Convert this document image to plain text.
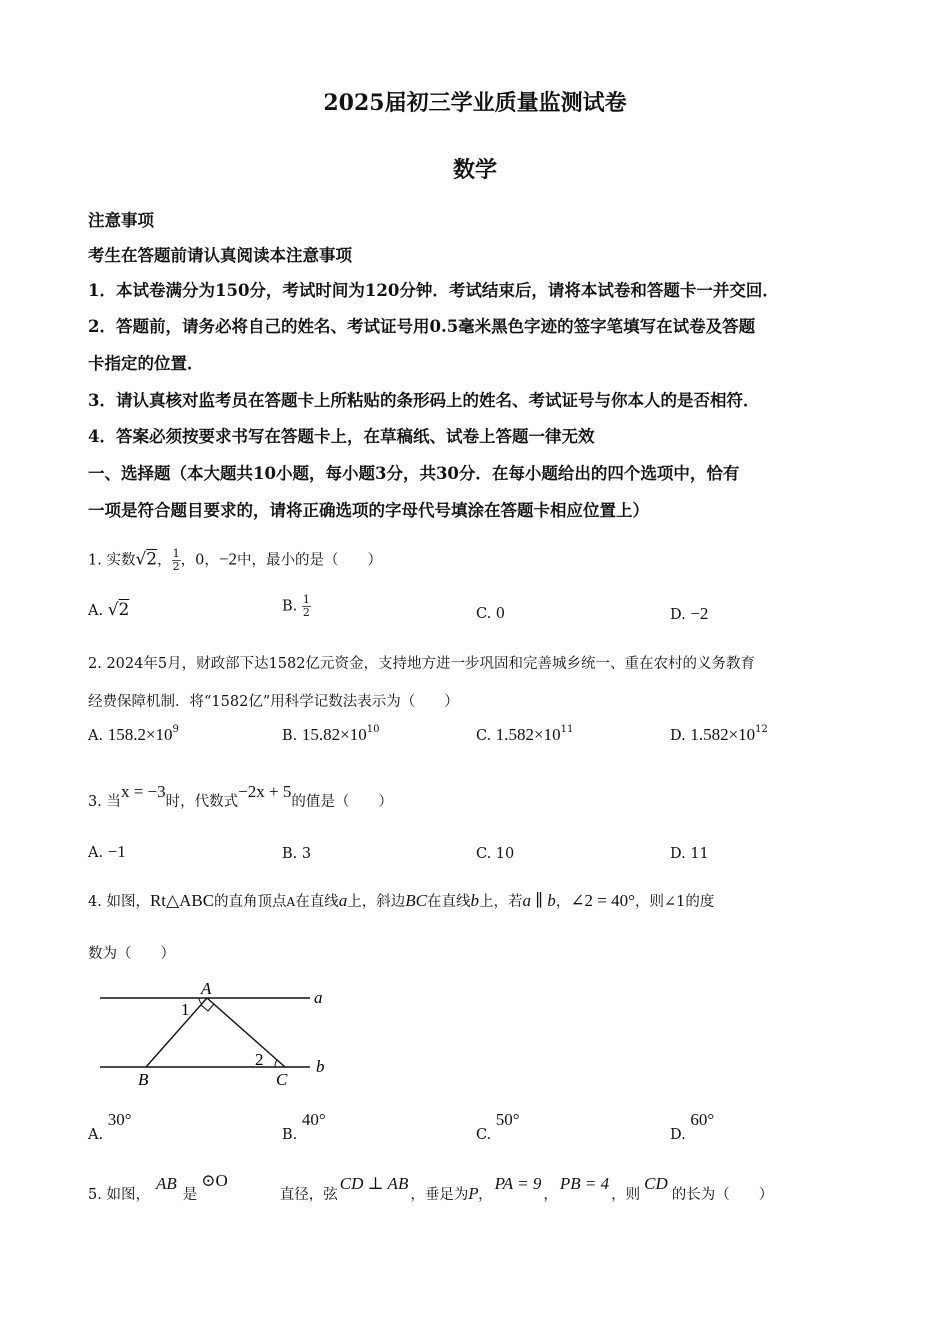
2025届初三学业质量监测试卷
数学
注意事项
考生在答题前请认真阅读本注意事项
1．本试卷满分为150分，考试时间为120分钟．考试结束后，请将本试卷和答题卡一并交回．
2．答题前，请务必将自己的姓名、考试证号用0.5毫米黑色字迹的签字笔填写在试卷及答题
卡指定的位置．
3．请认真核对监考员在答题卡上所粘贴的条形码上的姓名、考试证号与你本人的是否相符．
4．答案必须按要求书写在答题卡上，在草稿纸、试卷上答题一律无效
一、选择题（本大题共10小题，每小题3分，共30分．在每小题给出的四个选项中，恰有
一项是符合题目要求的，请将正确选项的字母代号填涂在答题卡相应位置上）
1. 实数√2， $\frac{1}{2}$ ，0，−2中，最小的是（　　）
A. √2	B. $\frac{1}{2}$	C. 0	D. −2
2. 2024年5月，财政部下达1582亿元资金，支持地方进一步巩固和完善城乡统一、重在农村的义务教育
经费保障机制．将“1582亿”用科学记数法表示为（　　）
A. $158.2\times 10^9$	B. $15.82\times 10^{10}$	C. $1.582\times 10^{11}$	D. $1.582\times 10^{12}$
3. 当x = −3时，代数式−2x + 5的值是（　　）
A. −1	B. 3	C. 10	D. 11
4. 如图，Rt△ABC的直角顶点A在直线a上，斜边BC在直线b上，若a ∥ b，∠2 = 40°，则∠1的度
数为（　　）
A	a
1
2	b
B	C
A. 30°
B. 40°
C. 50°
D. 60°
5. 如图，AB是⊙O直径，弦CD ⊥ AB，垂足为P，PA = 9，PB = 4，则CD的长为（　　）
